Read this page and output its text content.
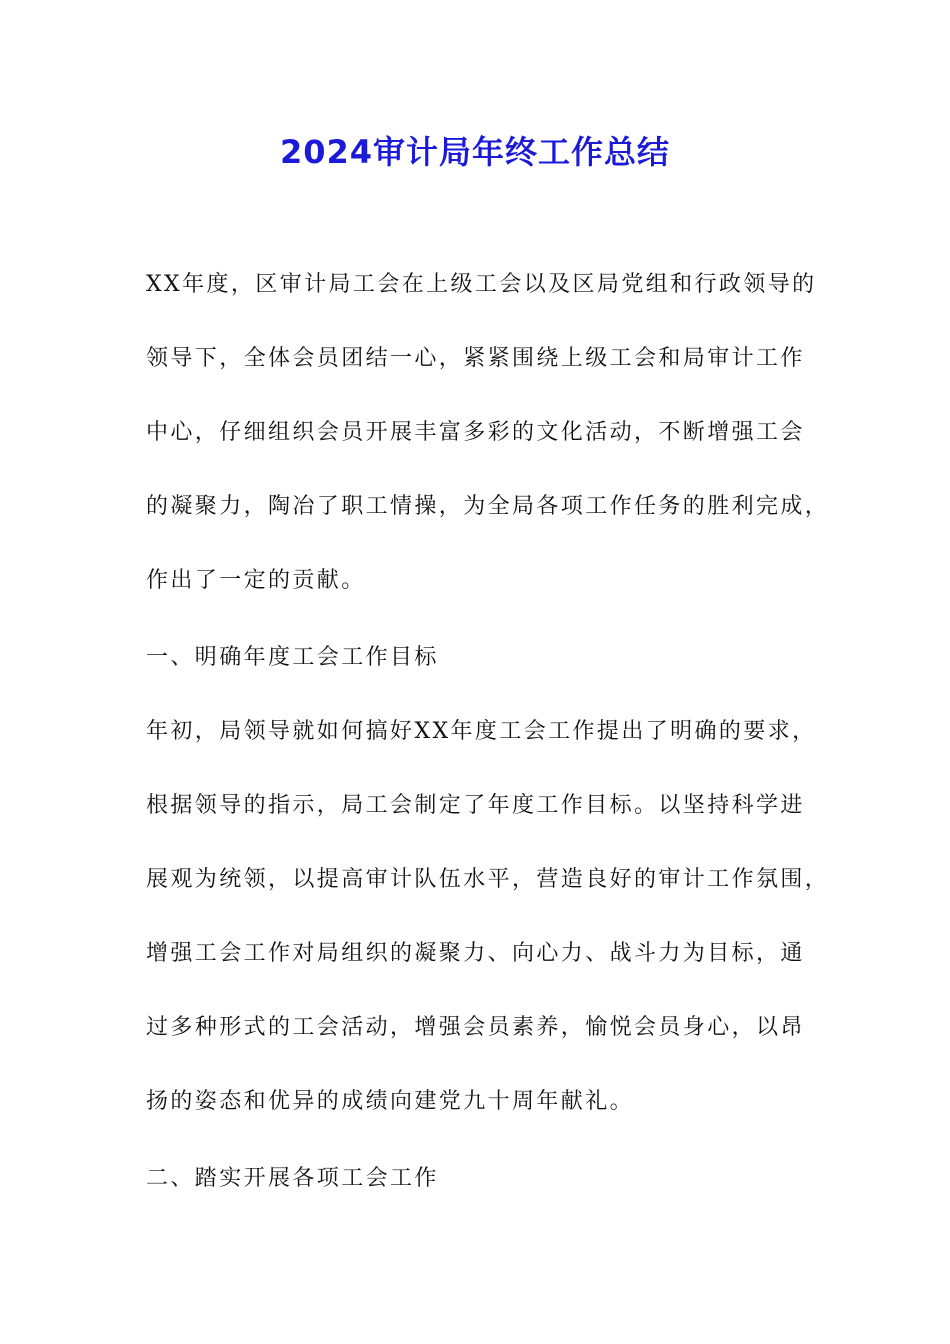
2024审计局年终工作总结
XX年度，区审计局工会在上级工会以及区局党组和行政领导的
领导下，全体会员团结一心，紧紧围绕上级工会和局审计工作
中心，仔细组织会员开展丰富多彩的文化活动，不断增强工会
的凝聚力，陶冶了职工情操，为全局各项工作任务的胜利完成，
作出了一定的贡献。
一、明确年度工会工作目标
年初，局领导就如何搞好XX年度工会工作提出了明确的要求，
根据领导的指示，局工会制定了年度工作目标。以坚持科学进
展观为统领，以提高审计队伍水平，营造良好的审计工作氛围，
增强工会工作对局组织的凝聚力、向心力、战斗力为目标，通
过多种形式的工会活动，增强会员素养，愉悦会员身心，以昂
扬的姿态和优异的成绩向建党九十周年献礼。
二、踏实开展各项工会工作
